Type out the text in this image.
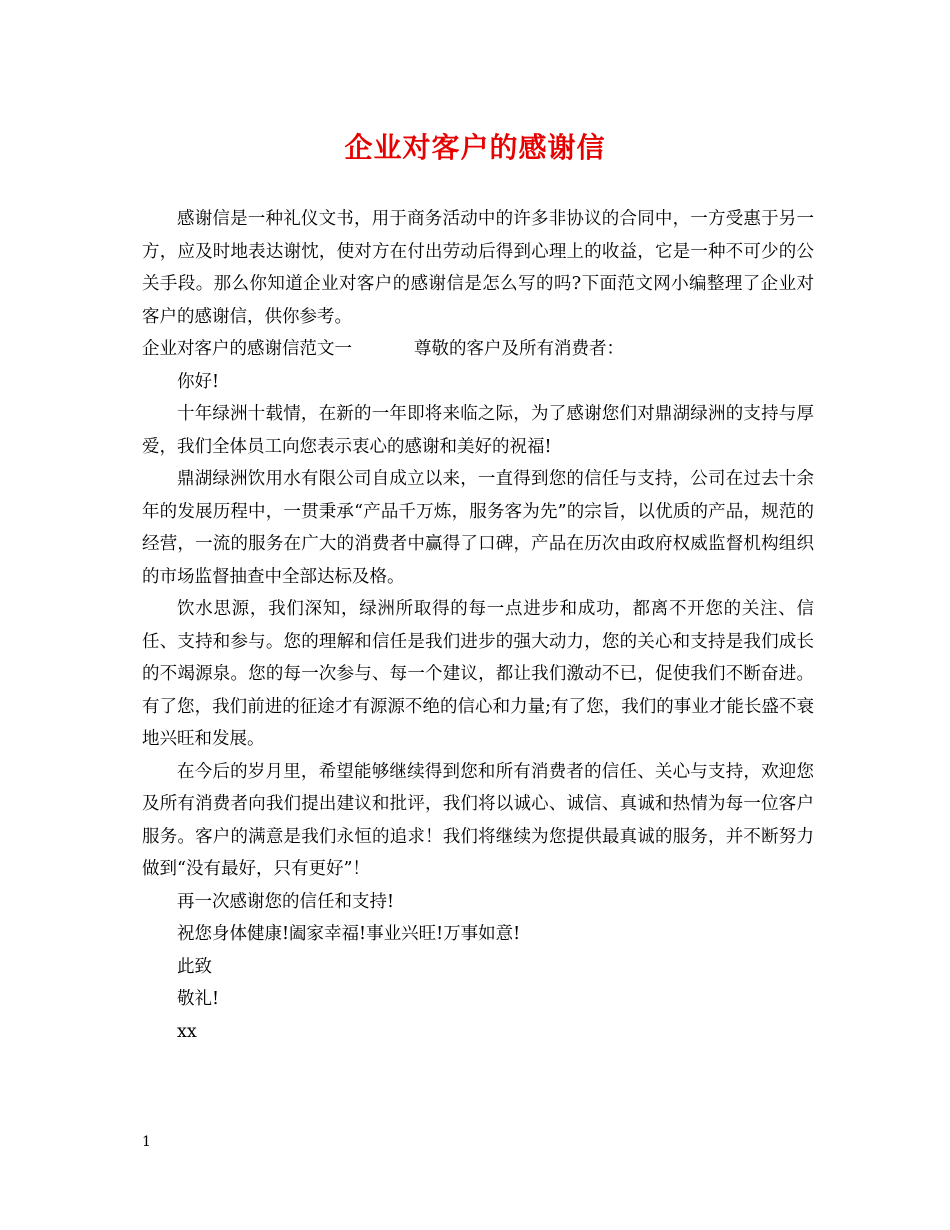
企业对客户的感谢信

感谢信是一种礼仪文书，用于商务活动中的许多非协议的合同中，一方受惠于另一方，应及时地表达谢忱，使对方在付出劳动后得到心理上的收益，它是一种不可少的公关手段。那么你知道企业对客户的感谢信是怎么写的吗?下面范文网小编整理了企业对客户的感谢信，供你参考。

企业对客户的感谢信范文一	尊敬的客户及所有消费者：

你好!

十年绿洲十载情，在新的一年即将来临之际，为了感谢您们对鼎湖绿洲的支持与厚爱，我们全体员工向您表示衷心的感谢和美好的祝福!

鼎湖绿洲饮用水有限公司自成立以来，一直得到您的信任与支持，公司在过去十余年的发展历程中，一贯秉承“产品千万炼，服务客为先”的宗旨，以优质的产品，规范的经营，一流的服务在广大的消费者中赢得了口碑，产品在历次由政府权威监督机构组织的市场监督抽查中全部达标及格。

饮水思源，我们深知，绿洲所取得的每一点进步和成功，都离不开您的关注、信任、支持和参与。您的理解和信任是我们进步的强大动力，您的关心和支持是我们成长的不竭源泉。您的每一次参与、每一个建议，都让我们激动不已，促使我们不断奋进。有了您，我们前进的征途才有源源不绝的信心和力量;有了您，我们的事业才能长盛不衰地兴旺和发展。

在今后的岁月里，希望能够继续得到您和所有消费者的信任、关心与支持，欢迎您及所有消费者向我们提出建议和批评，我们将以诚心、诚信、真诚和热情为每一位客户服务。客户的满意是我们永恒的追求！我们将继续为您提供最真诚的服务，并不断努力做到“没有最好，只有更好”！

再一次感谢您的信任和支持!

祝您身体健康!阖家幸福!事业兴旺!万事如意!

此致

敬礼!

xx

1
